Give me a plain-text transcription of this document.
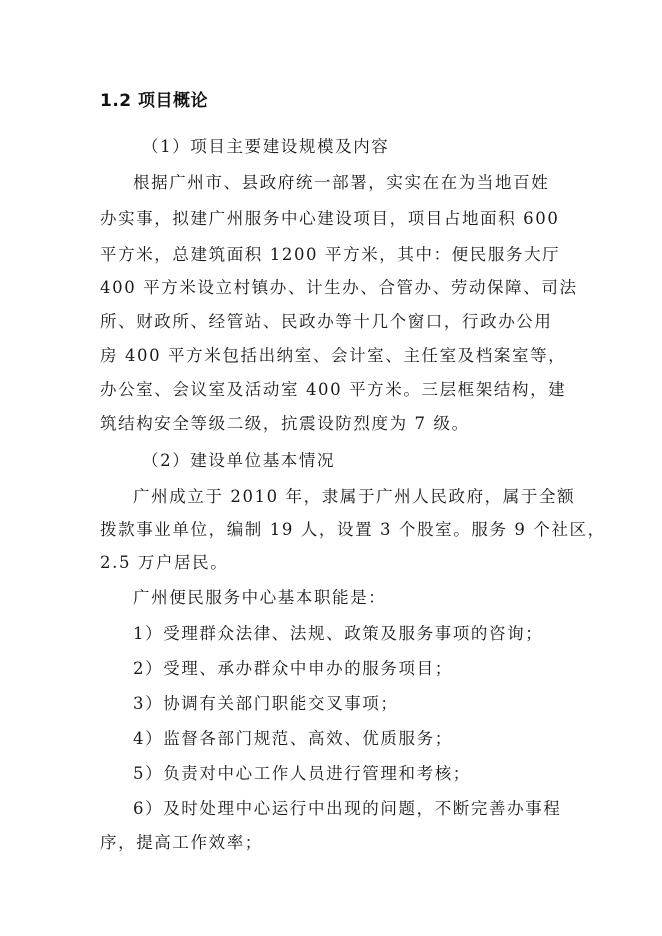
1.2 项目概论
（1）项目主要建设规模及内容
根据广州市、县政府统一部署，实实在在为当地百姓
办实事，拟建广州服务中心建设项目，项目占地面积 600
平方米，总建筑面积 1200 平方米，其中：便民服务大厅
400 平方米设立村镇办、计生办、合管办、劳动保障、司法
所、财政所、经管站、民政办等十几个窗口，行政办公用
房 400 平方米包括出纳室、会计室、主任室及档案室等，
办公室、会议室及活动室 400 平方米。三层框架结构，建
筑结构安全等级二级，抗震设防烈度为 7 级。
（2）建设单位基本情况
广州成立于 2010 年，隶属于广州人民政府，属于全额
拨款事业单位，编制 19 人，设置 3 个股室。服务 9 个社区，
2.5 万户居民。
广州便民服务中心基本职能是：
1）受理群众法律、法规、政策及服务事项的咨询；
2）受理、承办群众中申办的服务项目；
3）协调有关部门职能交叉事项；
4）监督各部门规范、高效、优质服务；
5）负责对中心工作人员进行管理和考核；
6）及时处理中心运行中出现的问题，不断完善办事程
序，提高工作效率；
